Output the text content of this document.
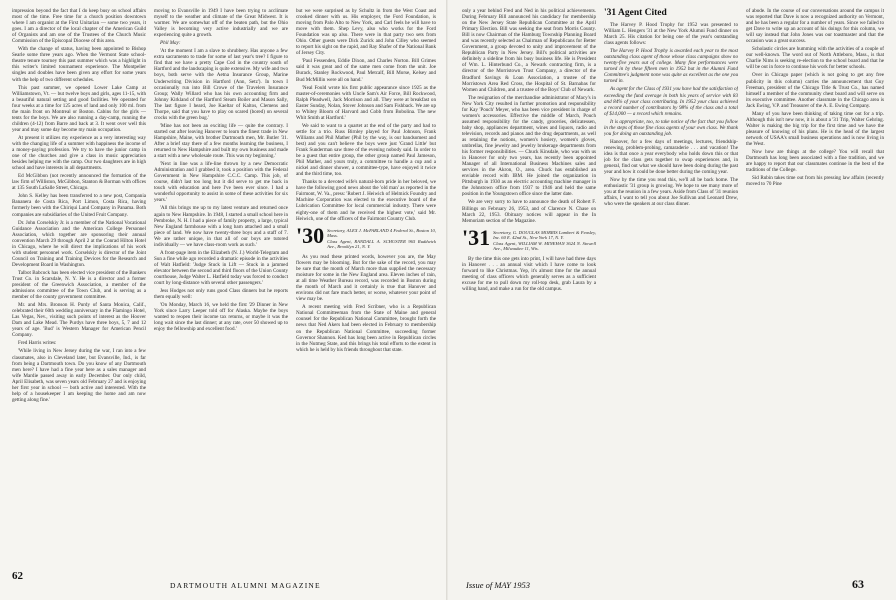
impression beyond the fact that I do keep busy on school affairs most of the time. Free time for a church position downtown where I am organist at the First Unitarian — some two years, it goes. I am a director of the local chapter of the American Guild of Organists and am one of the Trustees of the Church Music Commission of the Episcopal Diocese of this area.

With the change of status, having been appointed to Bishop Searle some three years ago. When the Vermont State school-theatre tenure tourney this past summer which was a highlight in this writer's limited tournament experience. The Montpelier singles and doubles have been given any effort for some years with the help of two different schedules.

This past summer, we opened Lower Lake Camp at Williamstown, Vt. — but twelve boys and girls, ages 11-15, with a beautiful natural setting and good facilities. We operated for four weeks at a time for 125 acres of land and only 100 ml. from the main front on Montreal or Boston. Cabins for the girls — tents for the boys. We are also running a day-camp, running the children (4-12) from Barre and back at 3. It went over well this year and may some day become my main occupation.

At present it utilizes my experience as a very interesting way with the changing life of a summer with happiness the income of a money-paying profession. We try to have the junior camp in one of the churches and give a class in music appreciation besides helping me with the camp. Our two daughters are in high school and have interests in all departments.

Ed McGibbon (not recently announced the formation of the law firm of Williston, McGibbon, Stanton & Borman with offices at 135 South LaSalle Street, Chicago.

John S. Kelley has been transferred to a new post, Compania Bananera de Costa Rica, Port Limon, Costa Rica, having formerly been with the Chiriqui Land Company in Panama. Both companies are subsidiaries of the United Fruit Company.

Dr. John Corselskiy Jr. is a member of the National Vocational Guidance Association and the American College Personnel Association, which together are sponsoring their annual convention March 29 through April 2 at the Conrad Hilton Hotel in Chicago, where he will direct the implications of his work with student personnel work. Corselskiy is director of the Joint Council on Training and Training Devices for the Research and Development Board in Washington.

Talbot Babcock has been elected vice president of the Bankers Trust Co. in Scarsdale, N. Y. He is a director and a former president of the Greenwich Association, a member of the admissions committee of the Town Club, and is serving as a member of the county government committee.

Mr. and Mrs. Bronson H. Purdy of Santa Monica, Calif., celebrated their 60th wedding anniversary in the Flamingo Hotel, Las Vegas, Nev., visiting such points of interest as the Hoover Dam and Lake Mead. The Purdys have three boys, 5, 7 and 12 years of age. 'Bud' is Western Manager for American Pencil Company.

Fred Harris writes:

'While living in New Jersey during the war, I ran into a few classmates, also in Cleveland later, but Evansville, Ind., is far from being a Dartmouth town. Do you know of any Dartmouth men here? I have had a fine year here as a sales manager and wife Mardie passed away in early December. Our only child, April Elisabeth, was seven years old February 27 and is enjoying her first year in school — both active and interested. With the help of a housekeeper I am keeping the home and am now getting along fine.'

moving to Evansville in 1949 I have been trying to acclimate myself to the weather and climate of the Great Midwest. It is warmer. We are somewhat off of the beaten path, but the Ohio Valley is becoming very active industrially and we are experiencing quite a growth.

Phil May:

'At the moment I am a slave to shrubbery. Has anyone a few extra sacramento to trade for some of last year's tree? I figure to find that we have a pretty Cape Cod in the country south of Hartford and the landscaping is quite extensive. My wife and two boys, both serve with the Aetna Insurance Group, Marine Underwriting Division in Hartford (Ann, Setz'). In town I occasionally run into Bill Crowe of the Travelers Insurance Group; Wally Willard who has his own accounting firm and Johnny Kirkland of the Hartford Steam Boiler and Mason Sally, The last figure I heard, Joe Kaeltar of Kaltos, Clemens and Thorpe, said that you have to play on scared (bored) on several crocks with the green bug.'

'Mine has not been an exciting life — quite the contrary. I started out after leaving Hanover to learn the finest trade in New Hampshire, Maine, with brother Dartmouth men, Mr. Butler '31. After a brief stay there of a few months learning the business, I returned to New Hampshire and built my own business and made a start with a new wholesale route. This was my beginning.'

'Next in line was a life-line thrown by a new Democratic Administration and I grabbed it, took a position with the Federal Government in New Hampshire C.C.C. Camp. This job, of course, didn't last too long but it did serve to get me back in touch with education and here I've been ever since. I had a wonderful opportunity to assist in some of these activities for six years.'

'All this brings me up to my latest venture and returned once again to New Hampshire. In 1948, I started a small school here in Pembroke, N. H. I had a piece of family property, a large, typical New England farmhouse with a long barn attached and a small piece of land. We now have twenty-three boys and a staff of 7. We are rather unique, in that all of our boys are tutored individually — we have class-room work as such.'

A front-page item in the Elizabeth (N. J.) World-Telegram and Sun a fine while ago recorded a dramatic episode in the activities of Walt Hatfield: 'Judge Stuck in Lift — Stuck in a jammed elevator between the second and third floors of the Union County courthouse, Judge Walter L. Hatfield today was forced to conduct court by long-distance with several other passengers.'

Jess Hodges not only runs good Class dinners but he reports them equally well:

'On Monday, March 16, we held the first '29 Dinner in New York since Larry Leeper told off for Alaska. Maybe the boys wanted to reopen their income tax returns, or maybe it was the long wait since the last dinner; at any rate, over 50 showed up to enjoy the fellowship and excellent food.'

but we were surprised as by Schultz in from the West Coast and crooked dinner with us. His employer, the Ford Foundation, is moving from Palo Alto to New York, and Carl feels he will have to move with them. Shep Levy, also who works for the Ford Foundation was up also. There were in that party two sets from Ohio. Other guests were Dick Zurick and John Cilley who seemed to report his sight on the rapid, and Ray Shafer of the National Bank of Jersey City.

'Paul Fessenden, Eddie Dixon, and Charles Norton. Bill Grimes said it was great and of the same men come from the unit. Joe Burack, Stanley Rockwood, Paul Metcalf, Bill Morse, Kelsey and Bud McMillin were all on hand.'

'Neal Fould wrote his first public appearance since 1925 as the master-of-ceremonies with Uncle Sam's Air Force, Bill Rockwood, Ralph Pleadwell, Jack Morrison and all. They were at breakfast on Easter Sunday, Nolan, Stover Johnson and Sam Fishback. We are up to Whitey Bloom of Harvard and Cobb from Bobolina. The new Whit Smith at Hartford.'

We said to want to a quartet at the end of the party and had to settle for a trio. Russ Birnley played for Paul Johnson, Frank Williams and Phil Mather (Phil by the way, is our handsomest and best) and you can't believe the boys were just 'Grand Little' but Frank Sunderman saw three of the evening nobody said. In order to be a guest that entire group, the other group named Paul Jameson, Phil Mather, and yours truly, a committee to handle a cup and a nickel and dinner shower, a committee-type, have enjoyed it twice and the third time, too.

Thanks to a devoted wife's natural-born pride in her beloved, we have the following good news about the 'old man' as reported in the Fairmont, W. Va., press: 'Robert J. Heiwich of Helmick Foundry and Machine Corporation was elected to the executive board of the Lubrication Committee for local commercial industry. There were eighty-one of them and he received the highest vote,' said Mr. Heiwich, one of the officers of the Fairmont Country Club.

'30 Secretary, ALEX J. McFARLAND 4 Federal St., Boston 10, Mass.
Class Agent, RANDALL A. SCHUSTER 965 Ruddwick Ave., Brooklyn 21, N. Y.

As you read these printed words, however you are, the May flowers may be blooming. But for the sake of the record, you may be sure that the month of March more than supplied the necessary moisture for some in the New England area. Eleven inches of rain, at all time Weather Bureau record, was recorded in Boston during the month of March and it certainly is true that Hanover and environs did not fare much better, or worse, whatever your point of view may be.

A recent meeting with Fred Scribner, who is a Republican National Committeeman from the State of Maine and general counsel for the Republican National Committee, brought forth the news that Ned Akers had been elected in February to membership on the Republican National Committee, succeeding former Governor Shannon. Ked has long been active in Republican circles in the Nutmeg State, and this brings his total efforts to the extent in which he is held by his friends throughout that state.

62
DARTMOUTH ALUMNI MAGAZINE

only a year behind Fred and Ned in his political achievements. During February Bill announced his candidacy for membership on the New Jersey State Republican Committee at the April Primary Election. Bill was seeking the seat from Morris County. Bill is now Chairman of the Hamburg Township Planning Board and was recently selected as Chairman of Republicans for Better Government, a group devoted to unity and improvement of the Republican Party in New Jersey. Bill's political activities are definitely a sideline from his busy business life. He is President of Wm. L. Hinterbund Co., a Newark contracting firm, is a director of the Morristown Trust Company, a director of the Bradford Savings & Loan Association, a trustee of the Morristown Area Red Cross, the Hospital of St. Barnabas for Women and Children, and a trustee of the Boys' Club of Newark.

The resignation of the merchandise administrator of Macy's in New York City resulted in further promotion and responsibility for Kay 'Pouch' Meyer, who has been vice president in charge of women's accessories. Effective the middle of March, Pouch assumed responsibility for the candy, groceries, delicatessen, baby shop, appliances department, wines and liquors, radio and television, records and pianos and the drug departments, as well as retaining the notions, women's hosiery, women's gloves, umbrellas, fine jewelry and jewelry brokerage departments from his former responsibilities. — Chuck Kinsdale, who was with us in Hanover for only two years, has recently been appointed Manager of all International Business Machines sales and services in the Akron, O., area. Chuck has established an enviable record with IBM. He joined the organization in Pittsburgh in 1930 as an electric accounting machine manager in the Johnstown office from 1937 to 1946 and held the same position in the Youngstown office since the latter date.

We are very sorry to have to announce the death of Robert F. Billings on February 26, 1953, and of Clarence N. Chase on March 22, 1953. Obituary notices will appear in the In Memoriam section of the Magazine.

'31 Secretary, G. DOUGLAS MORRIS Lambert & Feasley, Inc. 60 E. 42nd St., New York 17, N. Y.
Class Agent, WILLIAM W. MINEHAN 3624 N. Stowell Ave., Milwaukee 11, Wis.

By the time this one gets into print, I will have had three days in Hanover . . . an annual visit which I have come to look forward to like Christmas. Yep, it's almost time for the annual meeting of class officers which generally serves as a sufficient excuse for me to pull down my roll-top desk, grab Laura by a willing hand, and make a run for the old campus.

'31 Agent Cited

The Harvey P. Hood Trophy for 1952 was presented to William L. Hengers '31 at the New York Alumni Fund dinner on March 25. His citation for being one of the year's outstanding class agents follows:

The Harvey P. Hood Trophy is awarded each year to the most outstanding class agent of those whose class campaigns show no twenty-five years out of college. Many fine performances were turned in by these fifteen men in 1952 but in the Alumni Fund Committee's judgment none was quite as excellent as the one you turned in.

As agent for the Class of 1931 you have had the satisfaction of exceeding the fund average in both his years of service with 83 and 84% of your class contributing. In 1952 your class achieved a record number of contributors by 98% of the class and a total of $14,000 — a record which remains.

It is appropriate, too, to take notice of the fact that you follow in the steps of those fine class agents of your own class. We thank you for doing an outstanding job.

Hanover, for a few days of meetings, lectures, friendship-renewing, problem-probing, camaraderie . . . and vacation! The idea is that once a year everybody who holds down this or that job for the class gets together to swap experiences and, in general, find out what we should have been doing during the past year and how it could be done better during the coming year.

Now by the time you read this, we'll all be back home. The enthusiastic '31 group is growing. We hope to see many more of you at the reunion in a few years. Aside from Class of '31 reunion affairs, I want to tell you about Joe Sullivan and Leonard Drew, who were the speakers at our class dinner.

of abode. In the course of our conversations around the campus it was reported that Dave is now a recognized authority on Vermont, and he has been a regular for a number of years. Since we failed to get Dave to write up an account of his doings for this column, we will say instead that John Jones was our toastmaster and that the occasion was a great success.

Scholastic circles are humming with the activities of a couple of our well-known. The word out of North Attleboro, Mass., is that Charlie Nims is seeking re-election to the school board and that he will be out in force to continue his work for better schools.

Over in Chicago paper (which is not going to get any free publicity in this column) carries the announcement that Guy Freeman, president of the Chicago Title & Trust Co., has named himself a member of the community chest board and will serve on its executive committee. Another classmate in the Chicago area is Jack Ewing, V.P. and Treasurer of the A. E. Ewing Company.

Many of you have been thinking of taking time out for a trip. Although this isn't new now, it is about a '31 Trip, Walter Gehring. Walter is making the big trip for the first time and we have the pleasure of knowing of his plans. He is the head of the largest network of USAA's small business operations and is now living in the West.

Now how are things at the college? You will recall that Dartmouth has long been associated with a fine tradition, and we are happy to report that our classmates continue in the best of the traditions of the College.

Sid Rubin takes time out from his pressing law affairs (recently moved to 70 Pine

Issue of MAY 1953	63
